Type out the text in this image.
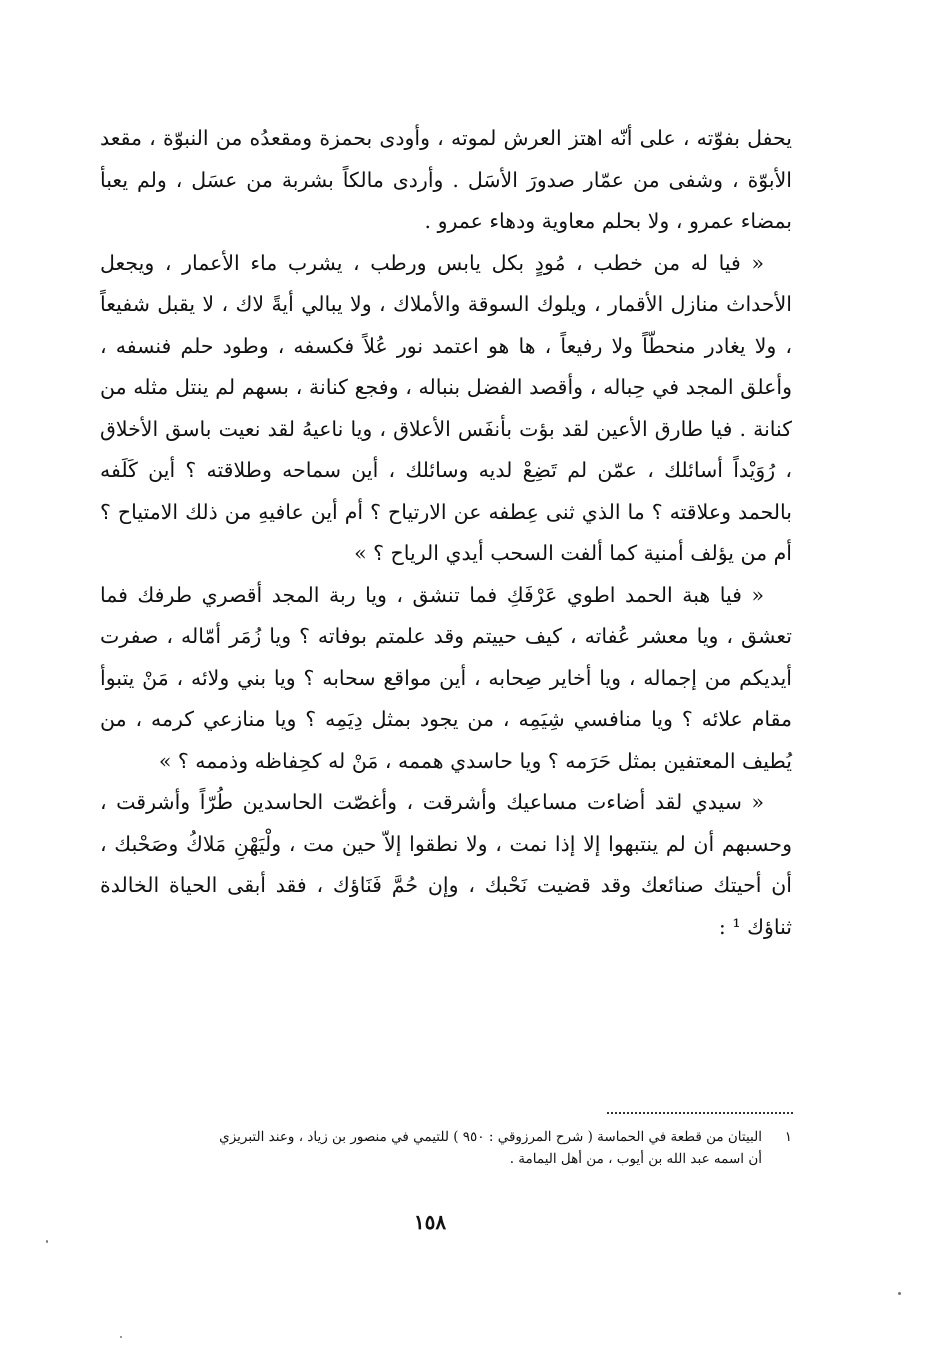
يحفل بفوّته ، على أنّه اهتز العرش لموته ، وأودى بحمزة ومقعدُه من النبوّة ، مقعد الأبوّة ، وشفى من عمّار صدورَ الأسَل . وأردى مالكاً بشربة من عسَل ، ولم يعبأ بمضاء عمرو ، ولا بحلم معاوية ودهاء عمرو .

« فيا له من خطب ، مُودٍ بكل يابس ورطب ، يشرب ماء الأعمار ، ويجعل الأحداث منازل الأقمار ، ويلوك السوقة والأملاك ، ولا يبالي أيةً لاك ، لا يقبل شفيعاً ، ولا يغادر منحطّاً ولا رفيعاً ، ها هو اعتمد نور عُلاً فكسفه ، وطود حلم فنسفه ، وأعلق المجد في حِباله ، وأقصد الفضل بنباله ، وفجع كنانة ، بسهم لم ينتل مثله من كنانة . فيا طارق الأعين لقد بؤت بأنفَس الأعلاق ، ويا ناعيهُ لقد نعيت باسق الأخلاق ، رُوَيْداً أسائلك ، عمّن لم تَضِعْ لديه وسائلك ، أين سماحه وطلاقته ؟ أين كَلَفه بالحمد وعلاقته ؟ ما الذي ثنى عِطفه عن الارتياح ؟ أم أين عافيهِ من ذلك الامتياح ؟ أم من يؤلف أمنية كما ألفت السحب أيدي الرياح ؟ »

« فيا هبة الحمد اطوي عَرْفَكِ فما تنشق ، ويا ربة المجد أقصري طرفك فما تعشق ، ويا معشر عُفاته ، كيف حييتم وقد علمتم بوفاته ؟ ويا زُمَر أمّاله ، صفرت أيديكم من إجماله ، ويا أخاير صِحابه ، أين مواقع سحابه ؟ ويا بني ولائه ، مَنْ يتبوأ مقام علائه ؟ ويا منافسي شِيَمِه ، من يجود بمثل دِيَمِه ؟ ويا منازعي كرمه ، من يُطيف المعتفين بمثل حَرَمه ؟ ويا حاسدي هممه ، مَنْ له كحِفاظه وذممه ؟ »

« سيدي لقد أضاءت مساعيك وأشرقت ، وأغصّت الحاسدين طُرّاً وأشرقت ، وحسبهم أن لم ينتبهوا إلا إذا نمت ، ولا نطقوا إلاّ حين مت ، ولْيَهْنِ مَلاكُ وصَحْبك ، أن أحيتك صنائعك وقد قضيت نَحْبك ، وإن حُمَّ فَنَاؤك ، فقد أبقى الحياة الخالدة ثناؤك ¹ :

١البيتان من قطعة في الحماسة ( شرح المرزوقي : ٩٥٠ ) للتيمي في منصور بن زياد ، وعند التبريزي

أن اسمه عبد الله بن أيوب ، من أهل اليمامة .

١٥٨
